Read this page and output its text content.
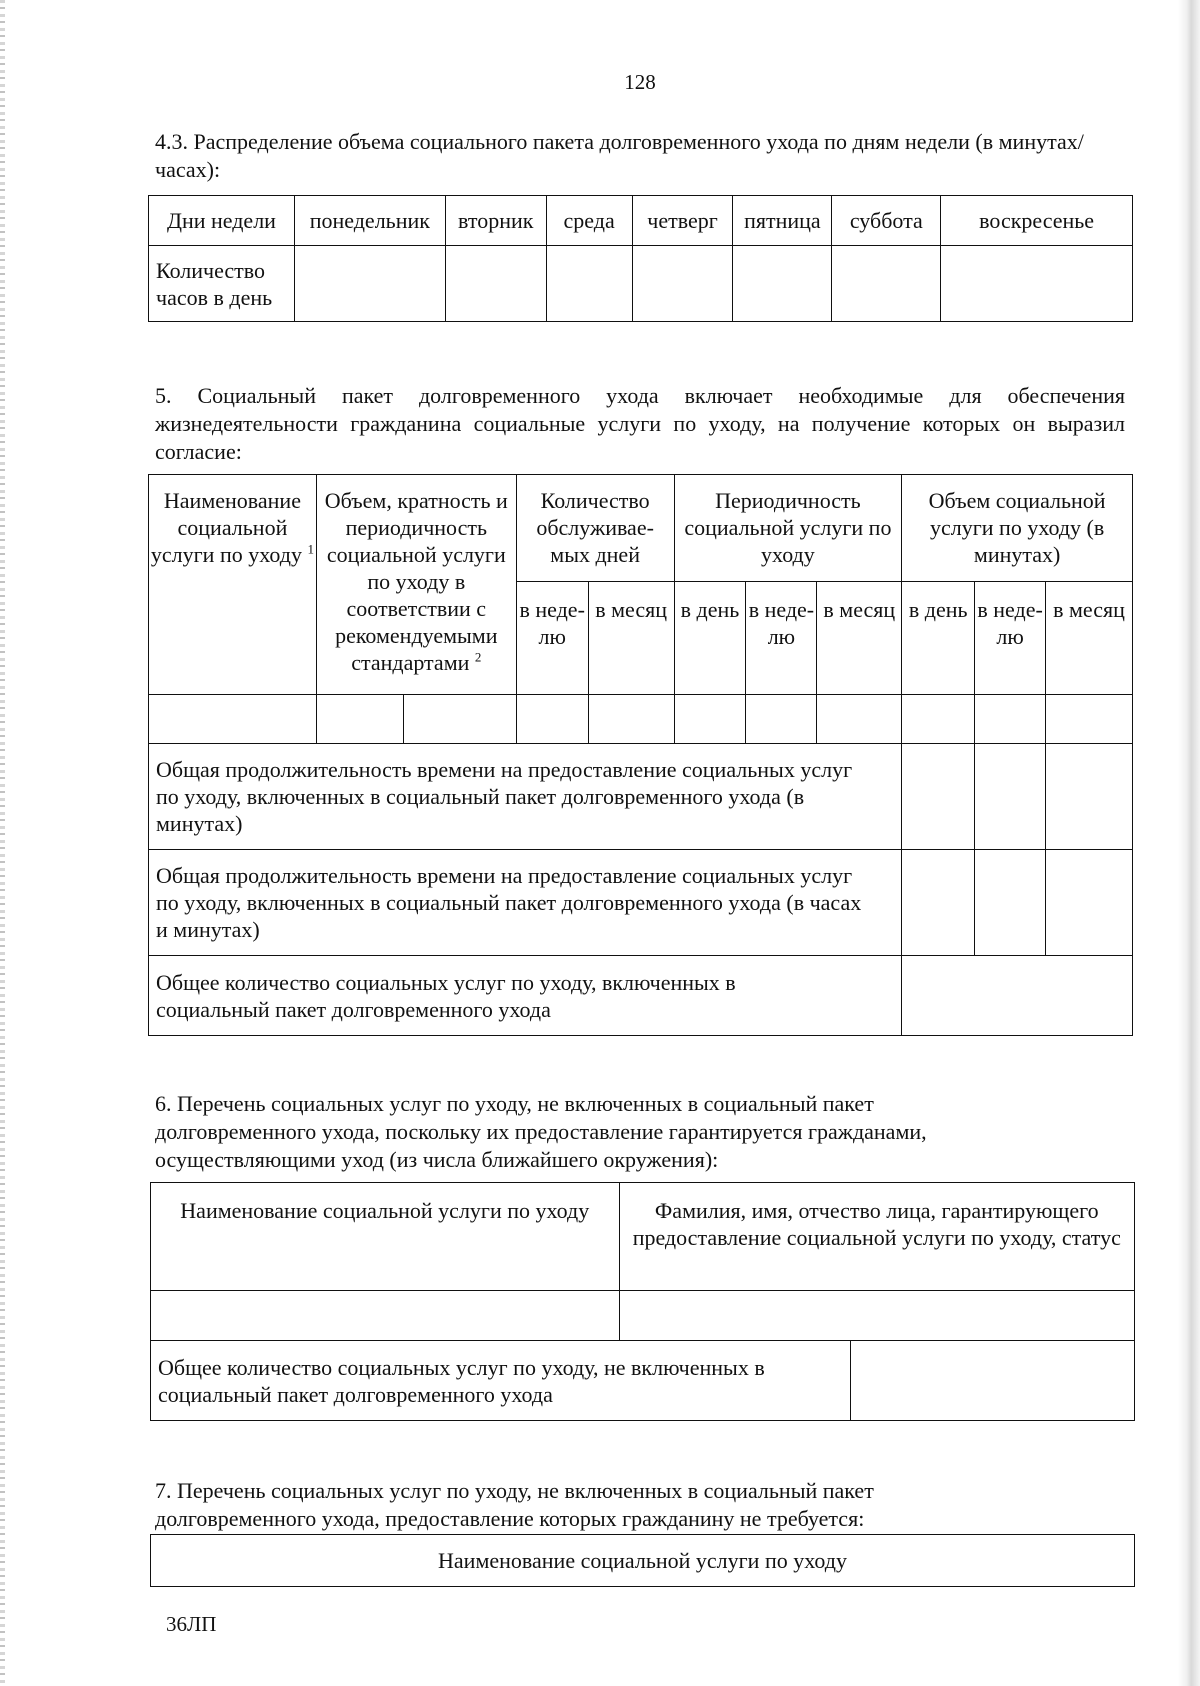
128
4.3. Распределение объема социального пакета долговременного ухода по дням недели (в минутах/часах):
Дни недели	понедельник	вторник	среда	четверг	пятница	суббота	воскресенье
Количество часов в день							
5. Социальный пакет долговременного ухода включает необходимые для обеспечения жизнедеятельности гражданина социальные услуги по уходу, на получение которых он выразил согласие:
Наименование социальной услуги по уходу $^1$	Объем, кратность и периодичность социальной услуги по уходу в соответствии с рекомендуемыми стандартами $^2$		Количество обслуживае-мых дней		Периодичность социальной услуги по уходу			Объем социальной услуги по уходу (в минутах)		
			в неде-лю	в месяц	в день	в неде-лю	в месяц	в день	в неде-лю	в месяц

Общая продолжительность времени на предоставление социальных услуг по уходу, включенных в социальный пакет долговременного ухода (в минутах)										
Общая продолжительность времени на предоставление социальных услуг по уходу, включенных в социальный пакет долговременного ухода (в часах и минутах)										
Общее количество социальных услуг по уходу, включенных в социальный пакет долговременного ухода										
6. Перечень социальных услуг по уходу, не включенных в социальный пакет долговременного ухода, поскольку их предоставление гарантируется гражданами, осуществляющими уход (из числа ближайшего окружения):
Наименование социальной услуги по уходу	Фамилия, имя, отчество лица, гарантирующего предоставление социальной услуги по уходу, статус	

Общее количество социальных услуг по уходу, не включенных в социальный пакет долговременного ухода		
7. Перечень социальных услуг по уходу, не включенных в социальный пакет долговременного ухода, предоставление которых гражданину не требуется:
Наименование социальной услуги по уходу
36ЛП
